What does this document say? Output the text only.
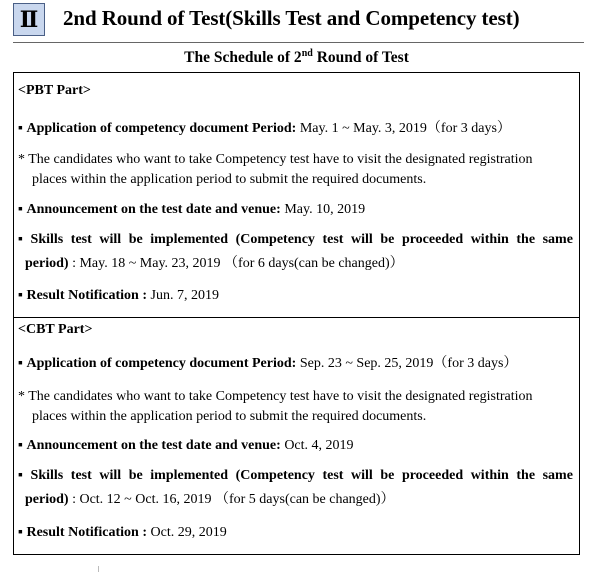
Ⅱ 2nd Round of Test(Skills Test and Competency test)
The Schedule of 2nd Round of Test
<PBT Part>
▪ Application of competency document Period: May. 1 ~ May. 3, 2019（for 3 days）
* The candidates who want to take Competency test have to visit the designated registration
places within the application period to submit the required documents.
▪ Announcement on the test date and venue: May. 10, 2019
▪ Skills test will be implemented (Competency test will be proceeded within the same
period) : May. 18 ~ May. 23, 2019 （for 6 days(can be changed)）
▪ Result Notification : Jun. 7, 2019
<CBT Part>
▪ Application of competency document Period: Sep. 23 ~ Sep. 25, 2019（for 3 days）
* The candidates who want to take Competency test have to visit the designated registration
places within the application period to submit the required documents.
▪ Announcement on the test date and venue: Oct. 4, 2019
▪ Skills test will be implemented (Competency test will be proceeded within the same
period) : Oct. 12 ~ Oct. 16, 2019 （for 5 days(can be changed)）
▪ Result Notification : Oct. 29, 2019
